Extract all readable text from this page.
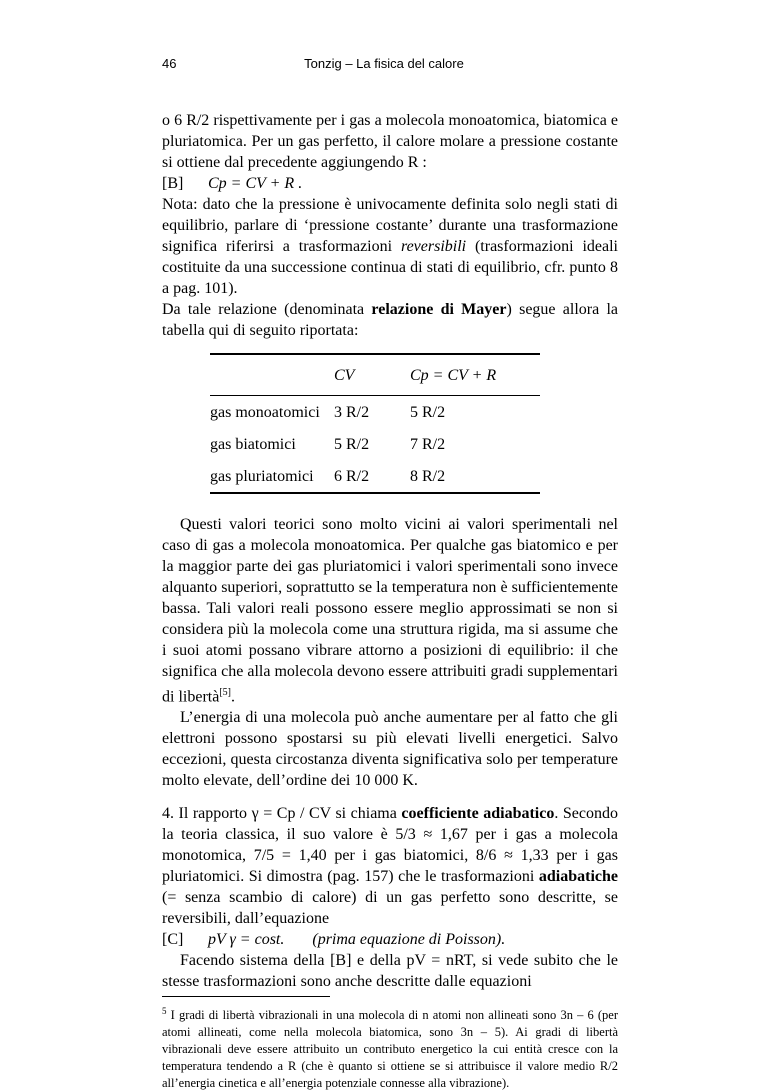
46	Tonzig – La fisica del calore

o 6 R/2 rispettivamente per i gas a molecola monoatomica, biatomica e pluriatomica. Per un gas perfetto, il calore molare a pressione costante si ottiene dal precedente aggiungendo R :

[B] Cp = CV + R .

Nota: dato che la pressione è univocamente definita solo negli stati di equilibrio, parlare di ‘pressione costante’ durante una trasformazione significa riferirsi a trasformazioni reversibili (trasformazioni ideali costituite da una successione continua di stati di equilibrio, cfr. punto 8 a pag. 101).

Da tale relazione (denominata relazione di Mayer) segue allora la tabella qui di seguito riportata:

	CV	Cp = CV + R
gas monoatomici	3 R/2	5 R/2
gas biatomici	5 R/2	7 R/2
gas pluriatomici	6 R/2	8 R/2

Questi valori teorici sono molto vicini ai valori sperimentali nel caso di gas a molecola monoatomica. Per qualche gas biatomico e per la maggior parte dei gas pluriatomici i valori sperimentali sono invece alquanto superiori, soprattutto se la temperatura non è sufficientemente bassa. Tali valori reali possono essere meglio approssimati se non si considera più la molecola come una struttura rigida, ma si assume che i suoi atomi possano vibrare attorno a posizioni di equilibrio: il che significa che alla molecola devono essere attribuiti gradi supplementari di libertà[5].

L’energia di una molecola può anche aumentare per al fatto che gli elettroni possono spostarsi su più elevati livelli energetici. Salvo eccezioni, questa circostanza diventa significativa solo per temperature molto elevate, dell’ordine dei 10 000 K.

4. Il rapporto γ = Cp / CV si chiama coefficiente adiabatico. Secondo la teoria classica, il suo valore è 5/3 ≈ 1,67 per i gas a molecola monotomica, 7/5 = 1,40 per i gas biatomici, 8/6 ≈ 1,33 per i gas pluriatomici. Si dimostra (pag. 157) che le trasformazioni adiabatiche (= senza scambio di calore) di un gas perfetto sono descritte, se reversibili, dall’equazione

[C] pV γ = cost. (prima equazione di Poisson).

Facendo sistema della [B] e della pV = nRT, si vede subito che le stesse trasformazioni sono anche descritte dalle equazioni

$^5$ I gradi di libertà vibrazionali in una molecola di n atomi non allineati sono 3n – 6 (per atomi allineati, come nella molecola biatomica, sono 3n – 5). Ai gradi di libertà vibrazionali deve essere attribuito un contributo energetico la cui entità cresce con la temperatura tendendo a R (che è quanto si ottiene se si attribuisce il valore medio R/2 all’energia cinetica e all’energia potenziale connesse alla vibrazione).
